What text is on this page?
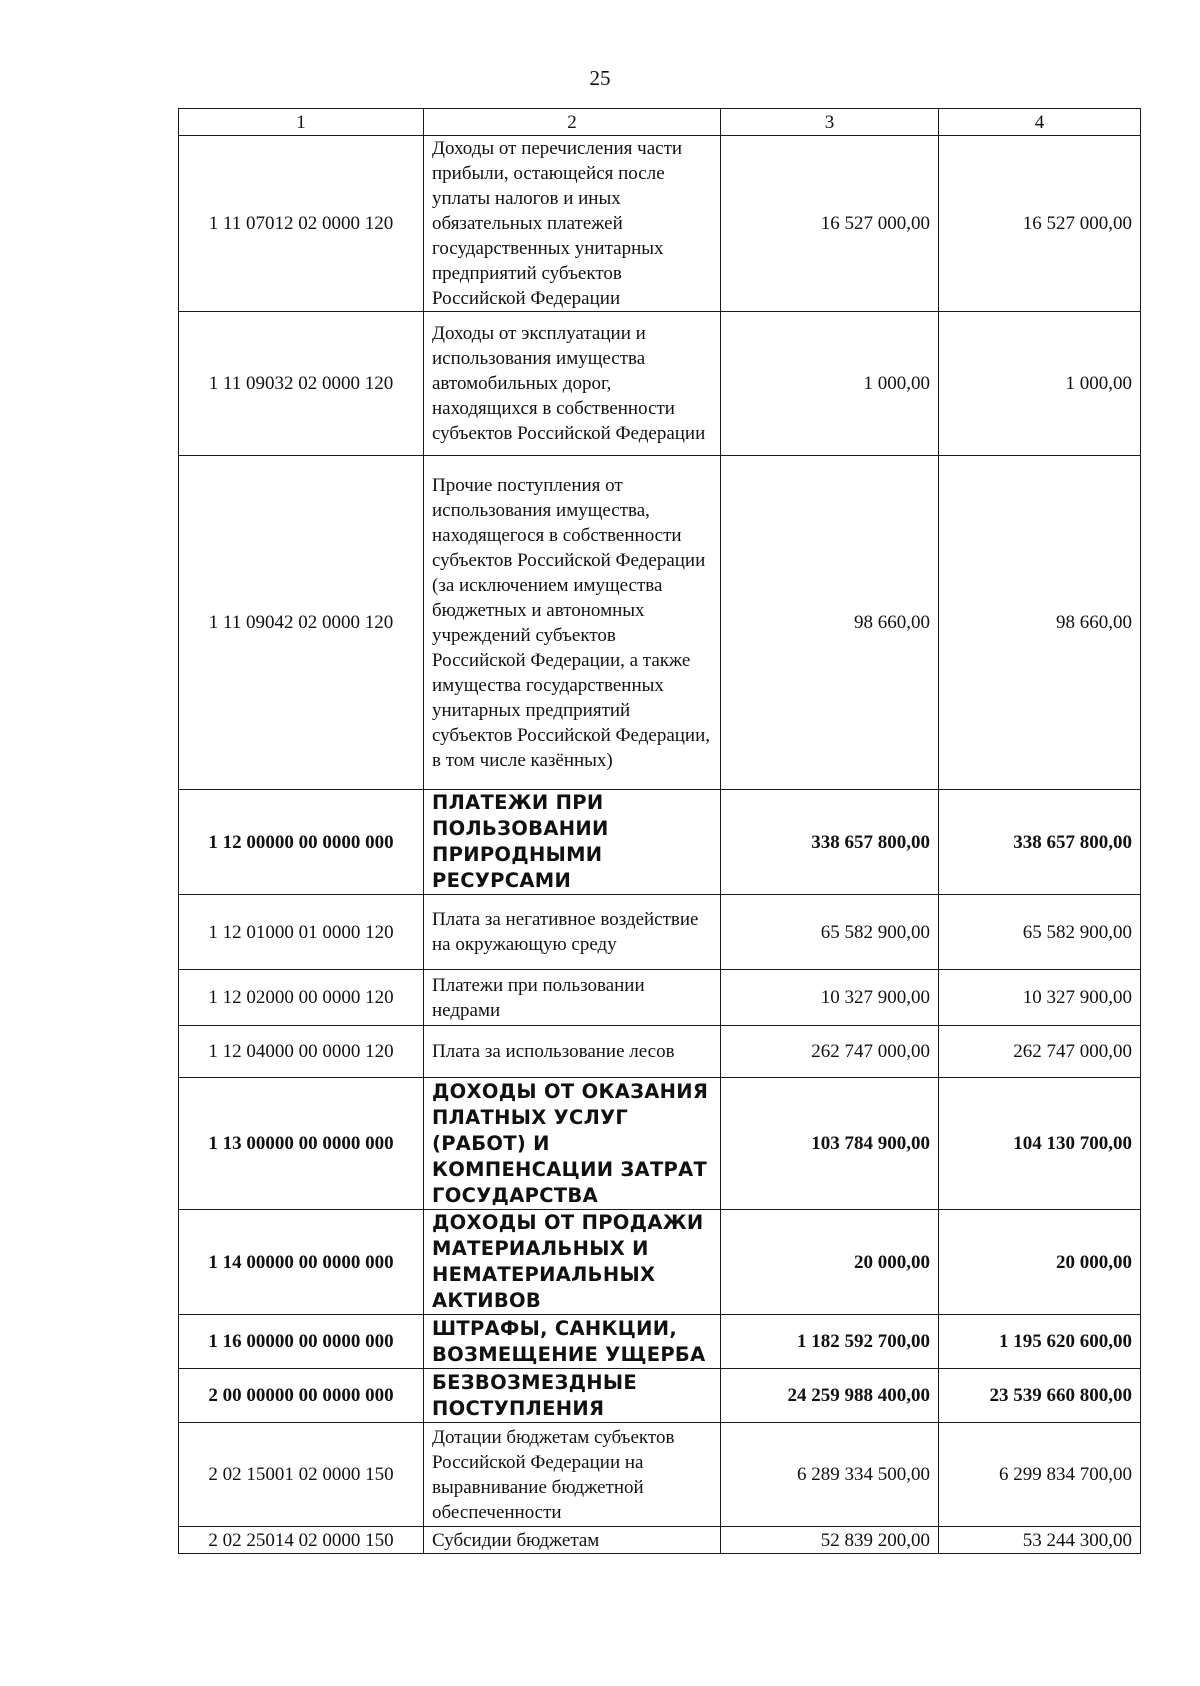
25
1	2	3	4
1 11 07012 02 0000 120	Доходы от перечисления части прибыли, остающейся после уплаты налогов и иных обязательных платежей государственных унитарных предприятий субъектов Российской Федерации	16 527 000,00	16 527 000,00
1 11 09032 02 0000 120	Доходы от эксплуатации и использования имущества автомобильных дорог, находящихся в собственности субъектов Российской Федерации	1 000,00	1 000,00
1 11 09042 02 0000 120	Прочие поступления от использования имущества, находящегося в собственности субъектов Российской Федерации (за исключением имущества бюджетных и автономных учреждений субъектов Российской Федерации, а также имущества государственных унитарных предприятий субъектов Российской Федерации, в том числе казённых)	98 660,00	98 660,00
1 12 00000 00 0000 000	ПЛАТЕЖИ ПРИ ПОЛЬЗОВАНИИ ПРИРОДНЫМИ РЕСУРСАМИ	338 657 800,00	338 657 800,00
1 12 01000 01 0000 120	Плата за негативное воздействие на окружающую среду	65 582 900,00	65 582 900,00
1 12 02000 00 0000 120	Платежи при пользовании недрами	10 327 900,00	10 327 900,00
1 12 04000 00 0000 120	Плата за использование лесов	262 747 000,00	262 747 000,00
1 13 00000 00 0000 000	ДОХОДЫ ОТ ОКАЗАНИЯ ПЛАТНЫХ УСЛУГ (РАБОТ) И КОМПЕНСАЦИИ ЗАТРАТ ГОСУДАРСТВА	103 784 900,00	104 130 700,00
1 14 00000 00 0000 000	ДОХОДЫ ОТ ПРОДАЖИ МАТЕРИАЛЬНЫХ И НЕМАТЕРИАЛЬНЫХ АКТИВОВ	20 000,00	20 000,00
1 16 00000 00 0000 000	ШТРАФЫ, САНКЦИИ, ВОЗМЕЩЕНИЕ УЩЕРБА	1 182 592 700,00	1 195 620 600,00
2 00 00000 00 0000 000	БЕЗВОЗМЕЗДНЫЕ ПОСТУПЛЕНИЯ	24 259 988 400,00	23 539 660 800,00
2 02 15001 02 0000 150	Дотации бюджетам субъектов Российской Федерации на выравнивание бюджетной обеспеченности	6 289 334 500,00	6 299 834 700,00
2 02 25014 02 0000 150	Субсидии бюджетам	52 839 200,00	53 244 300,00
